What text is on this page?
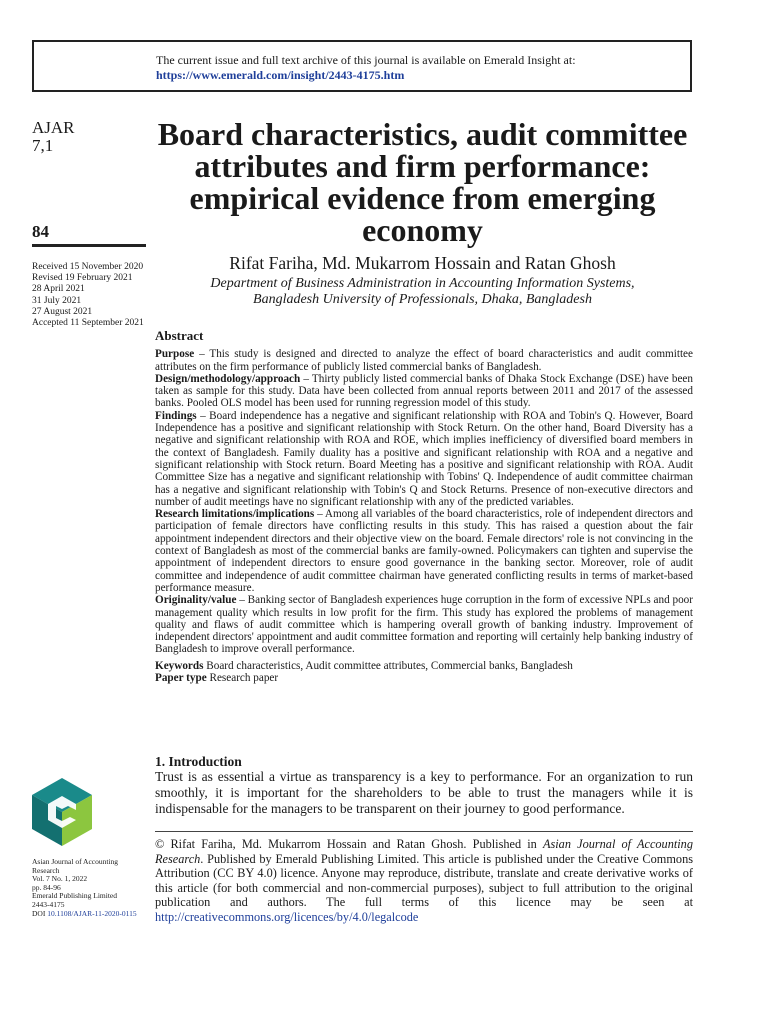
The current issue and full text archive of this journal is available on Emerald Insight at:
https://www.emerald.com/insight/2443-4175.htm
AJAR
7,1
84
Received 15 November 2020
Revised 19 February 2021
28 April 2021
31 July 2021
27 August 2021
Accepted 11 September 2021
Board characteristics, audit committee attributes and firm performance: empirical evidence from emerging economy
Rifat Fariha, Md. Mukarrom Hossain and Ratan Ghosh
Department of Business Administration in Accounting Information Systems,
Bangladesh University of Professionals, Dhaka, Bangladesh
Abstract

Purpose – This study is designed and directed to analyze the effect of board characteristics and audit committee attributes on the firm performance of publicly listed commercial banks of Bangladesh.

Design/methodology/approach – Thirty publicly listed commercial banks of Dhaka Stock Exchange (DSE) have been taken as sample for this study. Data have been collected from annual reports between 2011 and 2017 of the assessed banks. Pooled OLS model has been used for running regression model of this study.

Findings – Board independence has a negative and significant relationship with ROA and Tobin's Q. However, Board Independence has a positive and significant relationship with Stock Return. On the other hand, Board Diversity has a negative and significant relationship with ROA and ROE, which implies inefficiency of diversified board members in the context of Bangladesh. Family duality has a positive and significant relationship with ROA and a negative and significant relationship with Stock return. Board Meeting has a positive and significant relationship with ROA. Audit Committee Size has a negative and significant relationship with Tobins' Q. Independence of audit committee chairman has a negative and significant relationship with Tobin's Q and Stock Returns. Presence of non-executive directors and number of audit meetings have no significant relationship with any of the predicted variables.

Research limitations/implications – Among all variables of the board characteristics, role of independent directors and participation of female directors have conflicting results in this study. This has raised a question about the fair appointment independent directors and their objective view on the board. Female directors' role is not convincing in the context of Bangladesh as most of the commercial banks are family-owned. Policymakers can tighten and supervise the appointment of independent directors to ensure good governance in the banking sector. Moreover, role of audit committee and independence of audit committee chairman have generated conflicting results in terms of market-based performance measure.

Originality/value – Banking sector of Bangladesh experiences huge corruption in the form of excessive NPLs and poor management quality which results in low profit for the firm. This study has explored the problems of management quality and flaws of audit committee which is hampering overall growth of banking industry. Improvement of independent directors' appointment and audit committee formation and reporting will certainly help banking industry of Bangladesh to improve overall performance.

Keywords Board characteristics, Audit committee attributes, Commercial banks, Bangladesh

Paper type Research paper

1. Introduction
Trust is as essential a virtue as transparency is a key to performance. For an organization to run smoothly, it is important for the shareholders to be able to trust the managers while it is indispensable for the managers to be transparent on their journey to good performance.
© Rifat Fariha, Md. Mukarrom Hossain and Ratan Ghosh. Published in Asian Journal of Accounting Research. Published by Emerald Publishing Limited. This article is published under the Creative Commons Attribution (CC BY 4.0) licence. Anyone may reproduce, distribute, translate and create derivative works of this article (for both commercial and non-commercial purposes), subject to full attribution to the original publication and authors. The full terms of this licence may be seen at http://creativecommons.org/licences/by/4.0/legalcode
Asian Journal of Accounting
Research
Vol. 7 No. 1, 2022
pp. 84-96
Emerald Publishing Limited
2443-4175
DOI 10.1108/AJAR-11-2020-0115
